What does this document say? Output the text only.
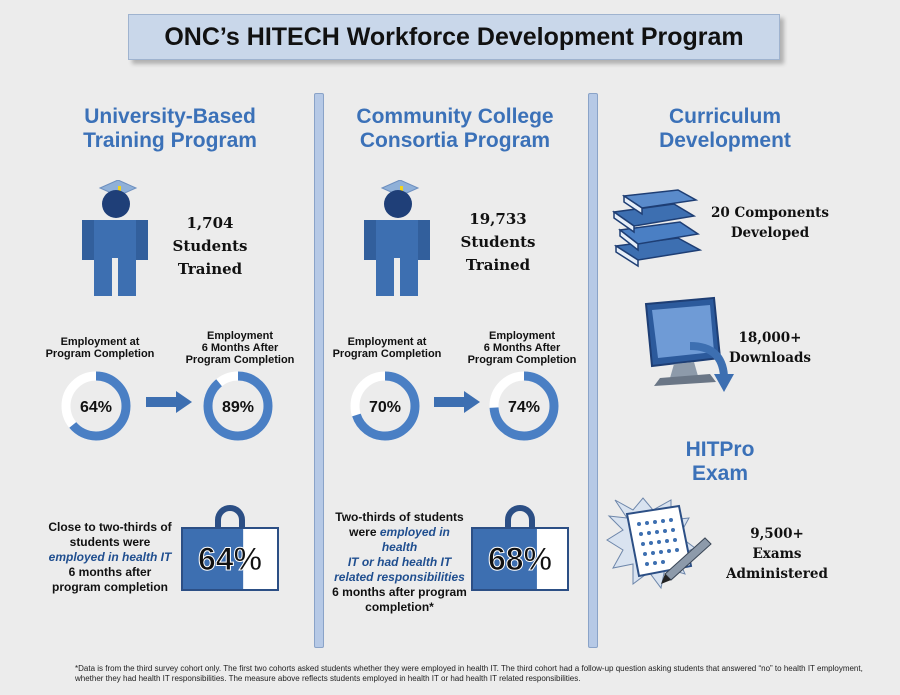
ONC’s HITECH Workforce Development Program
University-Based
Training Program
1,704
Students
Trained
Employment at
Program Completion
Employment
6 Months After
Program Completion
64%	89%
Close to two-thirds of
students were
employed in health IT
6 months after
program completion
64%
Community College
Consortia Program
19,733
Students
Trained
Employment at
Program Completion
Employment
6 Months After
Program Completion
70%	74%
Two-thirds of students
were employed in health
IT or had health IT
related responsibilities
6 months after program
completion*
68%
Curriculum
Development
20 Components
Developed
18,000+
Downloads
HITPro
Exam
9,500+
Exams
Administered
*Data is from the third survey cohort only. The first two cohorts asked students whether they were employed in health IT. The third cohort had a follow-up question asking students that answered “no” to health IT employment, whether they had health IT responsibilities. The measure above reflects students employed in health IT or had health IT related responsibilities.
